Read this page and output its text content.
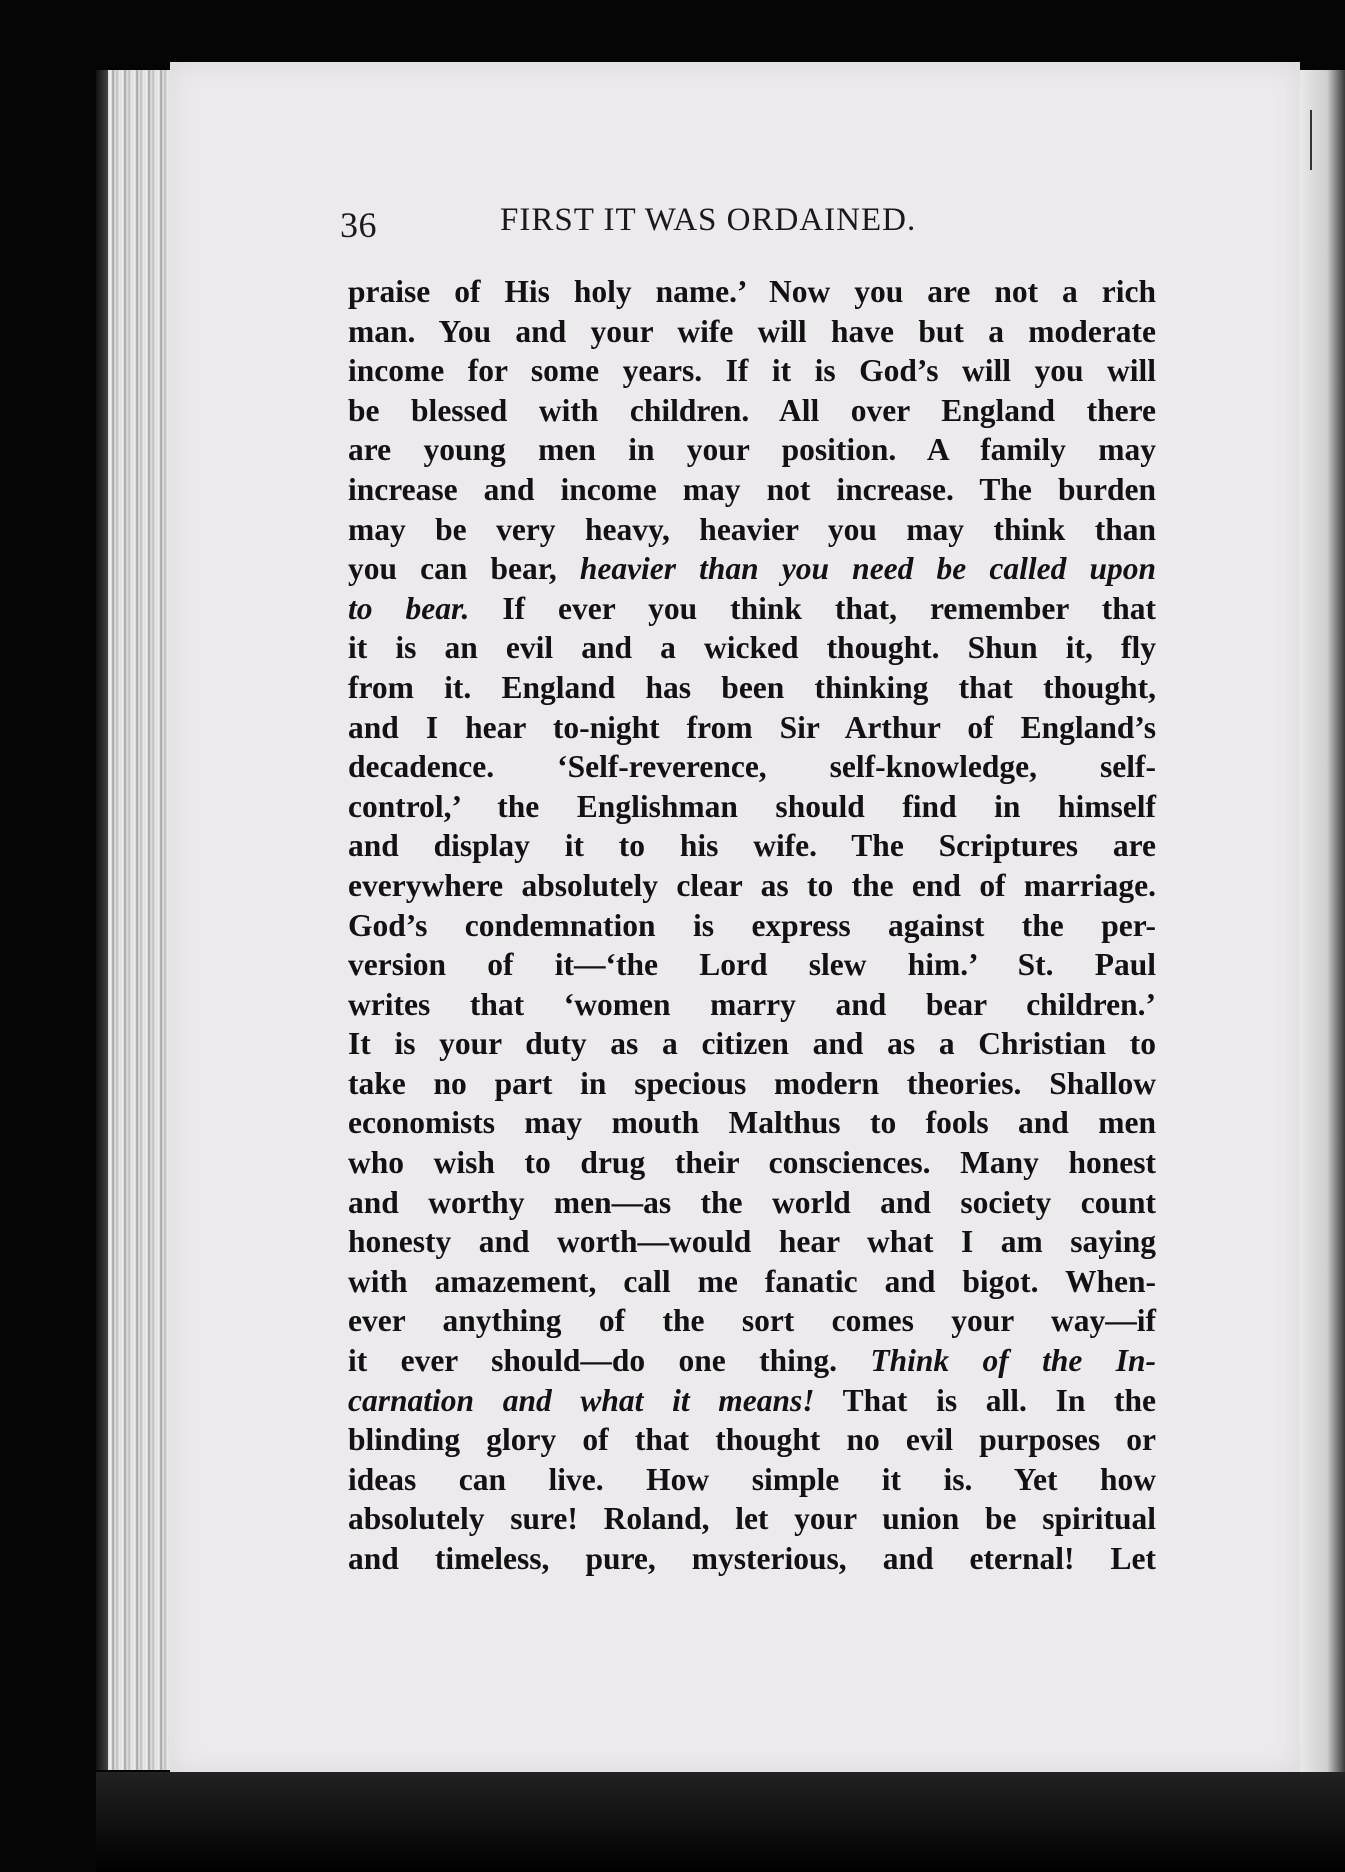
36	FIRST IT WAS ORDAINED.
praise of His holy name.’ Now you are not a rich
man. You and your wife will have but a moderate
income for some years. If it is God’s will you will
be blessed with children. All over England there
are young men in your position. A family may
increase and income may not increase. The burden
may be very heavy, heavier you may think than
you can bear, heavier than you need be called upon
to bear. If ever you think that, remember that
it is an evil and a wicked thought. Shun it, fly
from it. England has been thinking that thought,
and I hear to-night from Sir Arthur of England’s
decadence. ‘Self-reverence, self-knowledge, self-
control,’ the Englishman should find in himself
and display it to his wife. The Scriptures are
everywhere absolutely clear as to the end of marriage.
God’s condemnation is express against the per-
version of it—‘the Lord slew him.’ St. Paul
writes that ‘women marry and bear children.’
It is your duty as a citizen and as a Christian to
take no part in specious modern theories. Shallow
economists may mouth Malthus to fools and men
who wish to drug their consciences. Many honest
and worthy men—as the world and society count
honesty and worth—would hear what I am saying
with amazement, call me fanatic and bigot. When-
ever anything of the sort comes your way—if
it ever should—do one thing. Think of the In-
carnation and what it means! That is all. In the
blinding glory of that thought no evil purposes or
ideas can live. How simple it is. Yet how
absolutely sure! Roland, let your union be spiritual
and timeless, pure, mysterious, and eternal! Let
